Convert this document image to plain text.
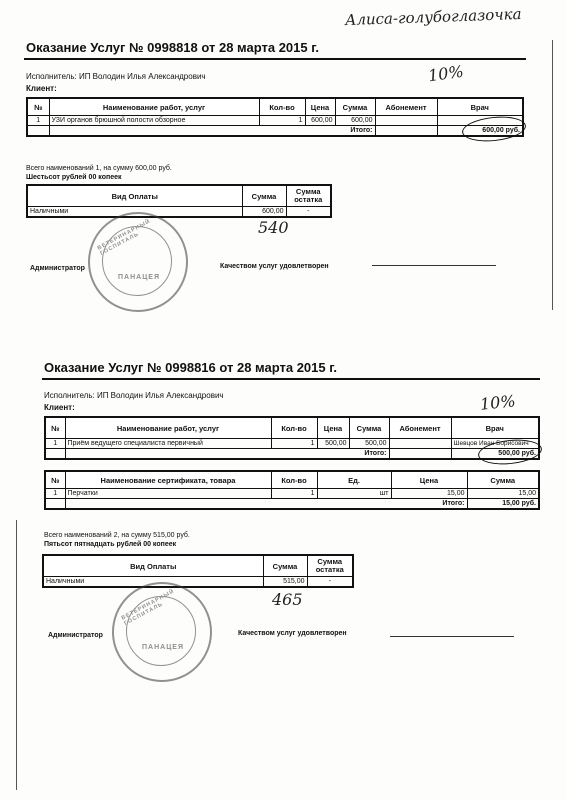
Алиса-голубоглазочка
Оказание Услуг № 0998818 от 28 марта 2015 г.
Исполнитель: ИП Володин Илья Александрович
Клиент:
10%
№	Наименование работ, услуг	Кол-во	Цена	Сумма	Абонемент	Врач
1	УЗИ органов брюшной полости обзорное	1	600,00	600,00		
	Итого:					600,00 руб.
Всего наименований 1, на сумму 600,00 руб.
Шестьсот рублей 00 копеек
Вид Оплаты	Сумма	Сумма остатка
Наличными	600,00	-
540
Администратор	Качеством услуг удовлетворен
ВЕТЕРИНАРНЫЙ ГОСПИТАЛЬ
ПАНАЦЕЯ
Оказание Услуг № 0998816 от 28 марта 2015 г.
Исполнитель: ИП Володин Илья Александрович
Клиент:	10%
№	Наименование работ, услуг	Кол-во	Цена	Сумма	Абонемент	Врач
1	Приём ведущего специалиста первичный	1	500,00	500,00		Шевцов Иван Борисович
	Итого:					500,00 руб.
№	Наименование сертификата, товара	Кол-во	Ед.	Цена	Сумма
1	Перчатки	1	шт	15,00	15,00
	Итого:				15,00 руб.
Всего наименований 2, на сумму 515,00 руб.
Пятьсот пятнадцать рублей 00 копеек
Вид Оплаты	Сумма	Сумма остатка
Наличными	515,00	-
465
Администратор	Качеством услуг удовлетворен
ВЕТЕРИНАРНЫЙ ГОСПИТАЛЬ
ПАНАЦЕЯ
